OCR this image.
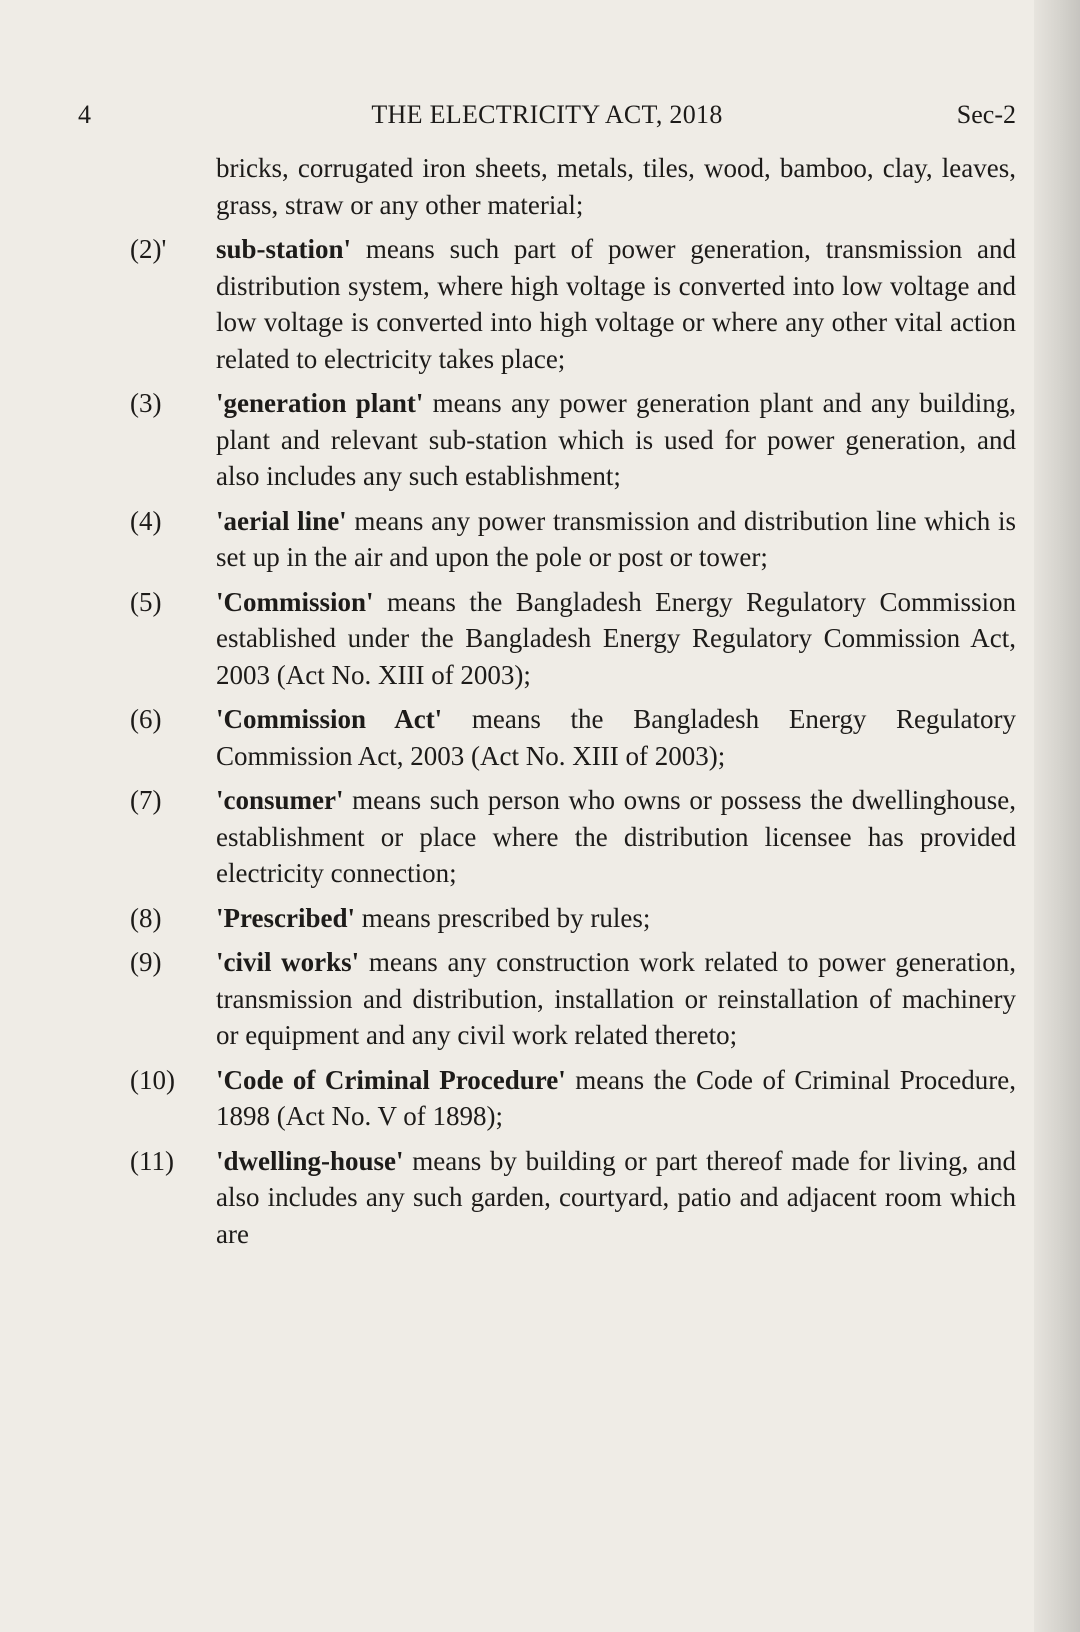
4	THE ELECTRICITY ACT, 2018	Sec-2
bricks, corrugated iron sheets, metals, tiles, wood, bamboo, clay, leaves, grass, straw or any other material;
(2)' sub-station' means such part of power generation, transmission and distribution system, where high voltage is converted into low voltage and low voltage is converted into high voltage or where any other vital action related to electricity takes place;
(3) 'generation plant' means any power generation plant and any building, plant and relevant sub-station which is used for power generation, and also includes any such establishment;
(4) 'aerial line' means any power transmission and distribution line which is set up in the air and upon the pole or post or tower;
(5) 'Commission' means the Bangladesh Energy Regulatory Commission established under the Bangladesh Energy Regulatory Commission Act, 2003 (Act No. XIII of 2003);
(6) 'Commission Act' means the Bangladesh Energy Regulatory Commission Act, 2003 (Act No. XIII of 2003);
(7) 'consumer' means such person who owns or possess the dwellinghouse, establishment or place where the distribution licensee has provided electricity connection;
(8) 'Prescribed' means prescribed by rules;
(9) 'civil works' means any construction work related to power generation, transmission and distribution, installation or reinstallation of machinery or equipment and any civil work related thereto;
(10) 'Code of Criminal Procedure' means the Code of Criminal Procedure, 1898 (Act No. V of 1898);
(11) 'dwelling-house' means by building or part thereof made for living, and also includes any such garden, courtyard, patio and adjacent room which are
